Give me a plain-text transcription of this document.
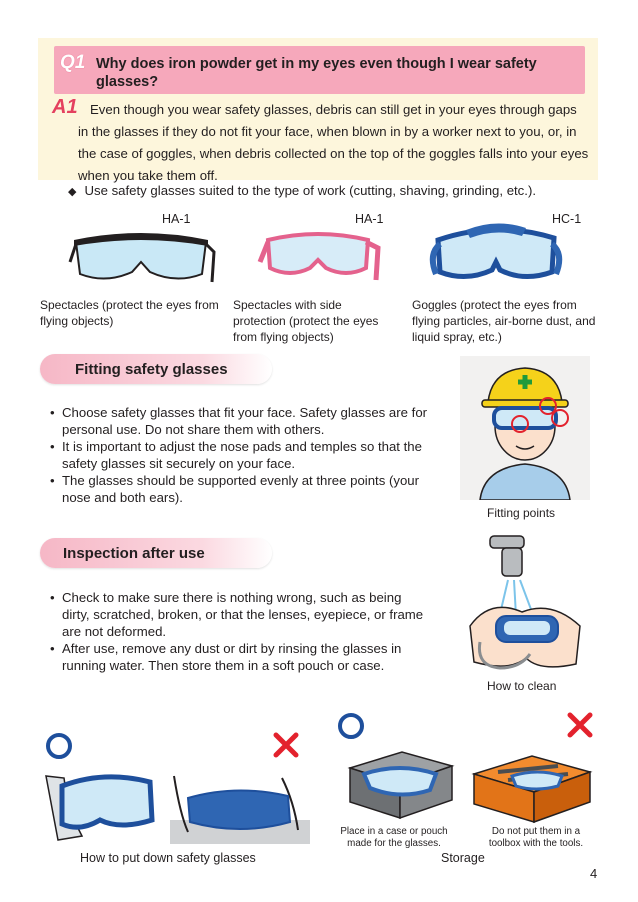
Q1 Why does iron powder get in my eyes even though I wear safety glasses?
A1 Even though you wear safety glasses, debris can still get in your eyes through gaps in the glasses if they do not fit your face, when blown in by a worker next to you, or, in the case of goggles, when debris collected on the top of the goggles falls into your eyes when you take them off.
◆ Use safety glasses suited to the type of work (cutting, shaving, grinding, etc.).
HA-1	HA-1	HC-1
Spectacles (protect the eyes from flying objects)
Spectacles with side protection (protect the eyes from flying objects)
Goggles (protect the eyes from flying particles, air-borne dust, and liquid spray, etc.)
Fitting safety glasses
• Choose safety glasses that fit your face. Safety glasses are for personal use. Do not share them with others.
• It is important to adjust the nose pads and temples so that the safety glasses sit securely on your face.
• The glasses should be supported evenly at three points (your nose and both ears).
Fitting points
Inspection after use
• Check to make sure there is nothing wrong, such as being dirty, scratched, broken, or that the lenses, eyepiece, or frame are not deformed.
• After use, remove any dust or dirt by rinsing the glasses in running water. Then store them in a soft pouch or case.
How to clean
How to put down safety glasses
Place in a case or pouch made for the glasses.
Do not put them in a toolbox with the tools.
Storage
4
